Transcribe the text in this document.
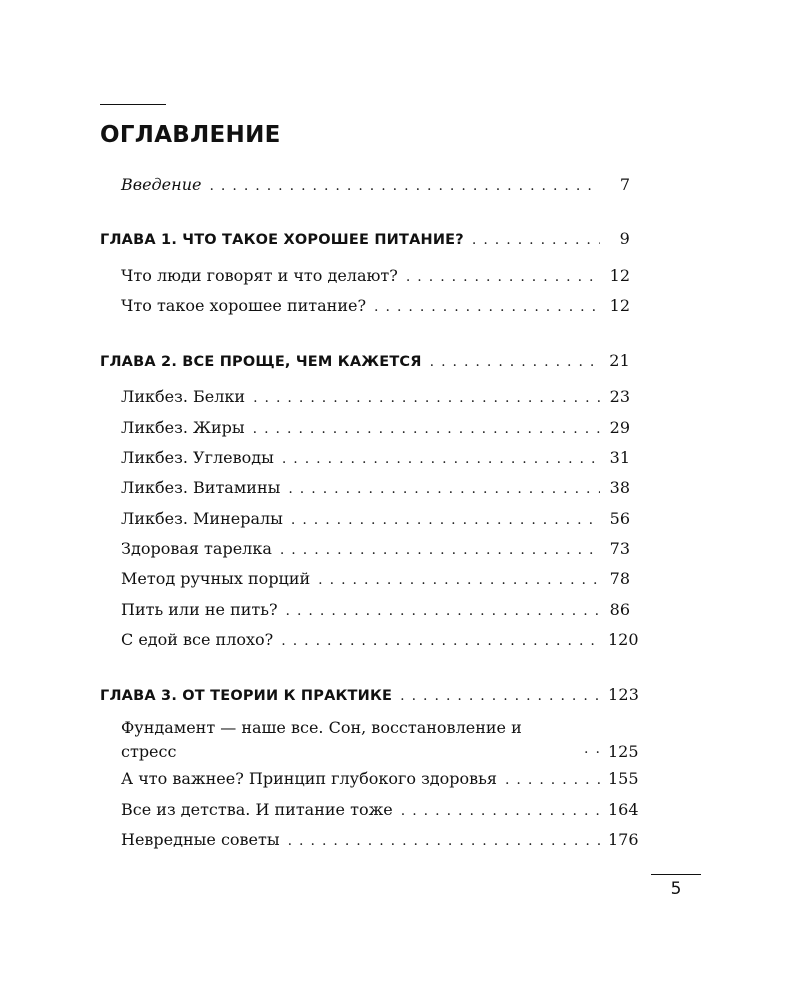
ОГЛАВЛЕНИЕ
Введение .....	7
ГЛАВА 1. ЧТО ТАКОЕ ХОРОШЕЕ ПИТАНИЕ? .....	9
Что люди говорят и что делают? .....	12
Что такое хорошее питание? .....	12
ГЛАВА 2. ВСЕ ПРОЩЕ, ЧЕМ КАЖЕТСЯ .....	21
Ликбез. Белки .....	23
Ликбез. Жиры .....	29
Ликбез. Углеводы .....	31
Ликбез. Витамины .....	38
Ликбез. Минералы .....	56
Здоровая тарелка .....	73
Метод ручных порций .....	78
Пить или не пить? .....	86
С едой все плохо? .....	120
ГЛАВА 3. ОТ ТЕОРИИ К ПРАКТИКЕ .....	123
Фундамент — наше все. Сон, восстановление и стресс .....	125
А что важнее? Принцип глубокого здоровья .....	155
Все из детства. И питание тоже .....	164
Невредные советы .....	176
5
